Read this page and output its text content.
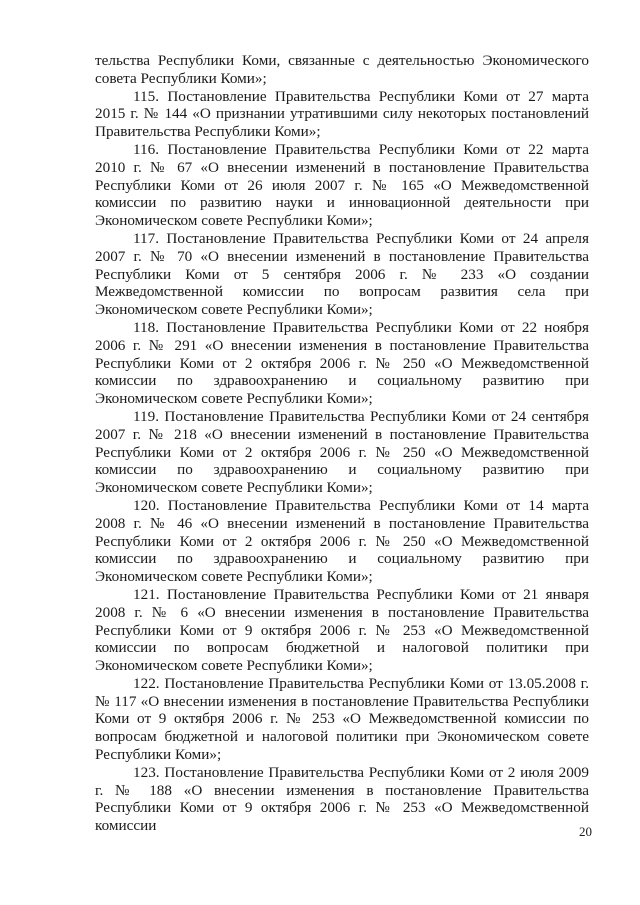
тельства Республики Коми, связанные с деятельностью Экономического совета Республики Коми»;

115. Постановление Правительства Республики Коми от 27 марта 2015 г. № 144 «О признании утратившими силу некоторых постановлений Правительства Республики Коми»;

116. Постановление Правительства Республики Коми от 22 марта 2010 г. № 67 «О внесении изменений в постановление Правительства Республики Коми от 26 июля 2007 г. № 165 «О Межведомственной комиссии по развитию науки и инновационной деятельности при Экономическом совете Республики Коми»;

117. Постановление Правительства Республики Коми от 24 апреля 2007 г. № 70 «О внесении изменений в постановление Правительства Республики Коми от 5 сентября 2006 г. № 233 «О создании Межведомственной комиссии по вопросам развития села при Экономическом совете Республики Коми»;

118. Постановление Правительства Республики Коми от 22 ноября 2006 г. № 291 «О внесении изменения в постановление Правительства Республики Коми от 2 октября 2006 г. № 250 «О Межведомственной комиссии по здравоохранению и социальному развитию при Экономическом совете Республики Коми»;

119. Постановление Правительства Республики Коми от 24 сентября 2007 г. № 218 «О внесении изменений в постановление Правительства Республики Коми от 2 октября 2006 г. № 250 «О Межведомственной комиссии по здравоохранению и социальному развитию при Экономическом совете Республики Коми»;

120. Постановление Правительства Республики Коми от 14 марта 2008 г. № 46 «О внесении изменений в постановление Правительства Республики Коми от 2 октября 2006 г. № 250 «О Межведомственной комиссии по здравоохранению и социальному развитию при Экономическом совете Республики Коми»;

121. Постановление Правительства Республики Коми от 21 января 2008 г. № 6 «О внесении изменения в постановление Правительства Республики Коми от 9 октября 2006 г. № 253 «О Межведомственной комиссии по вопросам бюджетной и налоговой политики при Экономическом совете Республики Коми»;

122. Постановление Правительства Республики Коми от 13.05.2008 г. № 117 «О внесении изменения в постановление Правительства Республики Коми от 9 октября 2006 г. № 253 «О Межведомственной комиссии по вопросам бюджетной и налоговой политики при Экономическом совете Республики Коми»;

123. Постановление Правительства Республики Коми от 2 июля 2009 г. № 188 «О внесении изменения в постановление Правительства Республики Коми от 9 октября 2006 г. № 253 «О Межведомственной комиссии	20
